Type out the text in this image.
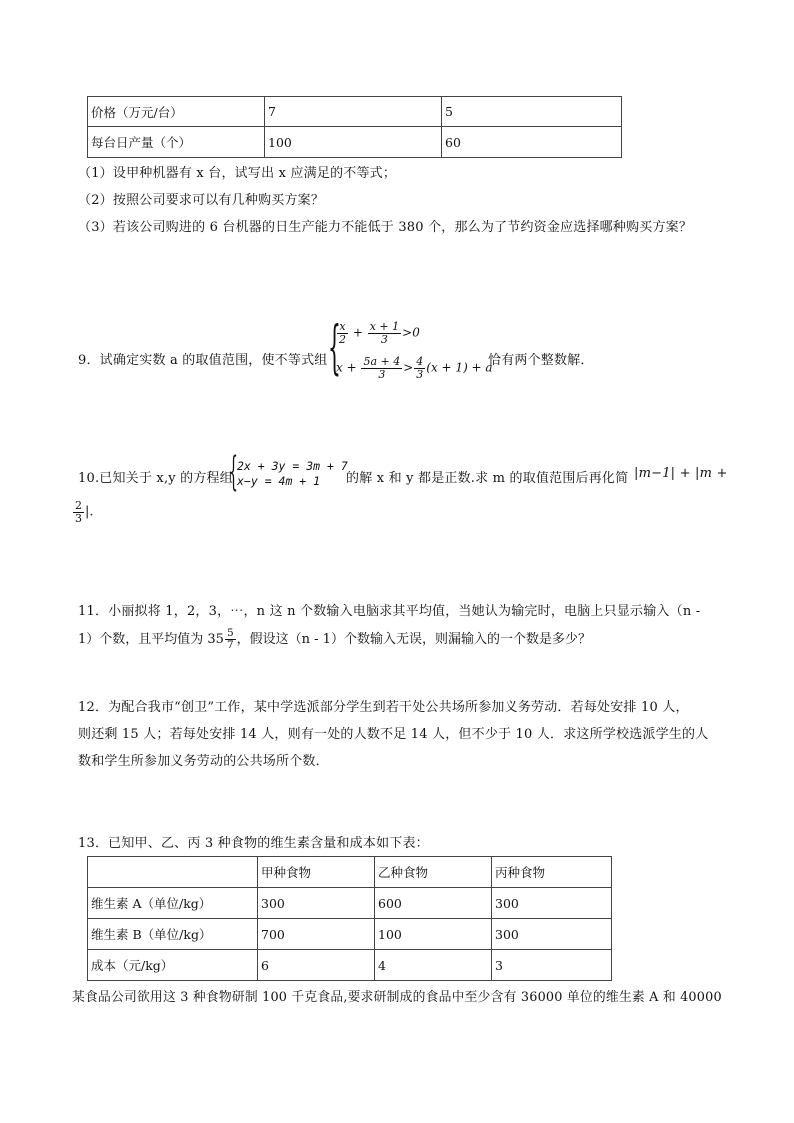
价格（万元/台）	7	5
每台日产量（个）	100	60
（1）设甲种机器有 x 台，试写出 x 应满足的不等式；
（2）按照公司要求可以有几种购买方案？
（3）若该公司购进的 6 台机器的日生产能力不能低于 380 个，那么为了节约资金应选择哪种购买方案？
9．试确定实数 a 的取值范围，使不等式组 {
$\frac{x}{2} + \frac{x + 1}{3} >0$
$x + \frac{5a + 4}{3} > \frac{4}{3} (x + 1) + a$
恰有两个整数解．
10.已知关于 x,y 的方程组
{ 2x + 3y = 3m + 7
x−y = 4m + 1 的解 x 和 y 都是正数.求 m 的取值范围后再化简 |m−1| + |m +
$\frac{2}{3}$ |.
11．小丽拟将 1，2，3，⋯，n 这 n 个数输入电脑求其平均值，当她认为输完时，电脑上只显示输入（n -
1）个数，且平均值为 $35 \frac{5}{7}$ ，假设这（n - 1）个数输入无误，则漏输入的一个数是多少？
12．为配合我市“创卫”工作，某中学选派部分学生到若干处公共场所参加义务劳动．若每处安排 10 人，
则还剩 15 人；若每处安排 14 人，则有一处的人数不足 14 人，但不少于 10 人．求这所学校选派学生的人
数和学生所参加义务劳动的公共场所个数．
13．已知甲、乙、丙 3 种食物的维生素含量和成本如下表：
	甲种食物	乙种食物	丙种食物
维生素 A（单位/kg）	300	600	300
维生素 B（单位/kg）	700	100	300
成本（元/kg）	6	4	3
某食品公司欲用这 3 种食物研制 100 千克食品,要求研制成的食品中至少含有 36000 单位的维生素 A 和 40000
